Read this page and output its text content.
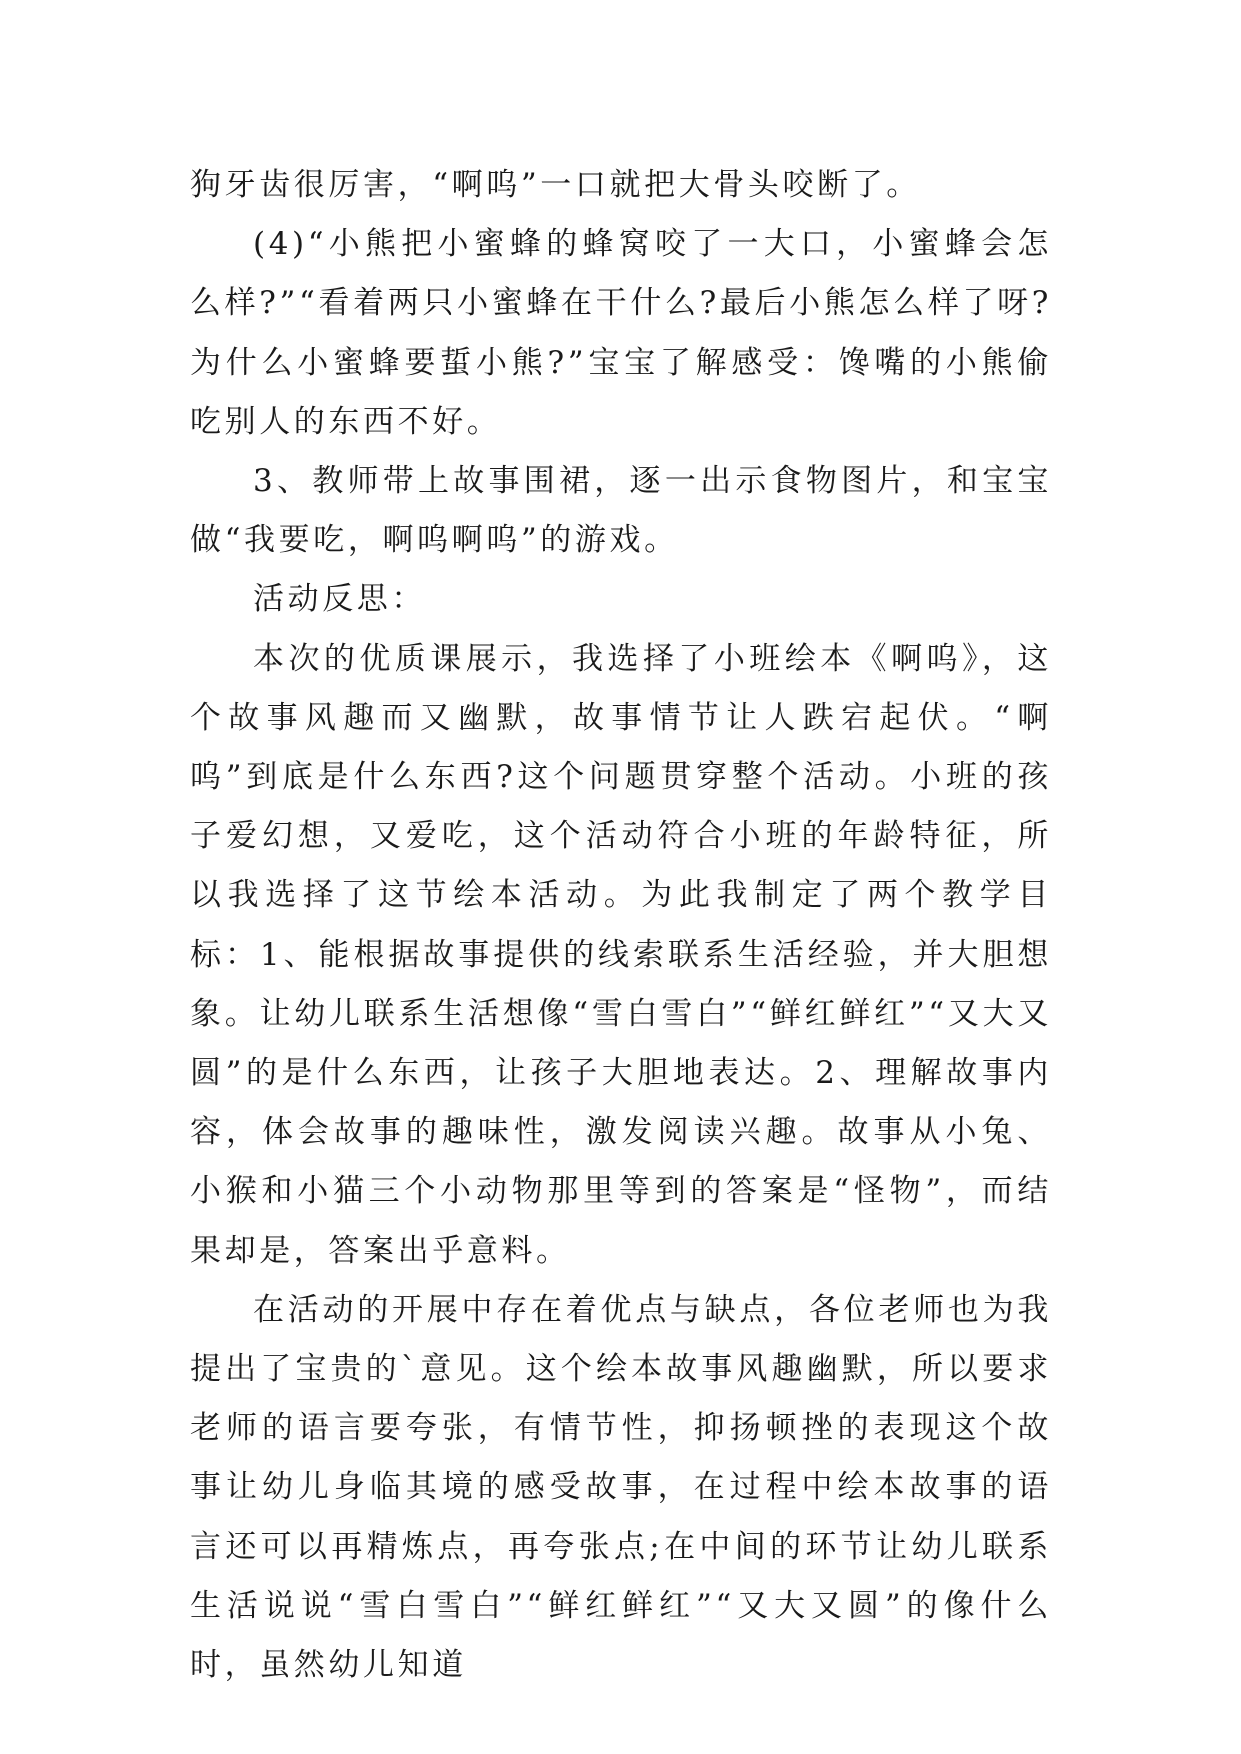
狗牙齿很厉害，“啊呜”一口就把大骨头咬断了。

(4)“小熊把小蜜蜂的蜂窝咬了一大口，小蜜蜂会怎么样?”“看着两只小蜜蜂在干什么?最后小熊怎么样了呀?为什么小蜜蜂要蜇小熊?”宝宝了解感受：馋嘴的小熊偷吃别人的东西不好。

3、教师带上故事围裙，逐一出示食物图片，和宝宝做“我要吃，啊呜啊呜”的游戏。

活动反思：

本次的优质课展示，我选择了小班绘本《啊呜》，这个故事风趣而又幽默，故事情节让人跌宕起伏。“啊呜”到底是什么东西?这个问题贯穿整个活动。小班的孩子爱幻想，又爱吃，这个活动符合小班的年龄特征，所以我选择了这节绘本活动。为此我制定了两个教学目标：1、能根据故事提供的线索联系生活经验，并大胆想象。让幼儿联系生活想像“雪白雪白”“鲜红鲜红”“又大又圆”的是什么东西，让孩子大胆地表达。2、理解故事内容，体会故事的趣味性，激发阅读兴趣。故事从小兔、小猴和小猫三个小动物那里等到的答案是“怪物”，而结果却是，答案出乎意料。

在活动的开展中存在着优点与缺点，各位老师也为我提出了宝贵的`意见。这个绘本故事风趣幽默，所以要求老师的语言要夸张，有情节性，抑扬顿挫的表现这个故事让幼儿身临其境的感受故事，在过程中绘本故事的语言还可以再精炼点，再夸张点;在中间的环节让幼儿联系生活说说“雪白雪白”“鲜红鲜红”“又大又圆”的像什么时，虽然幼儿知道
